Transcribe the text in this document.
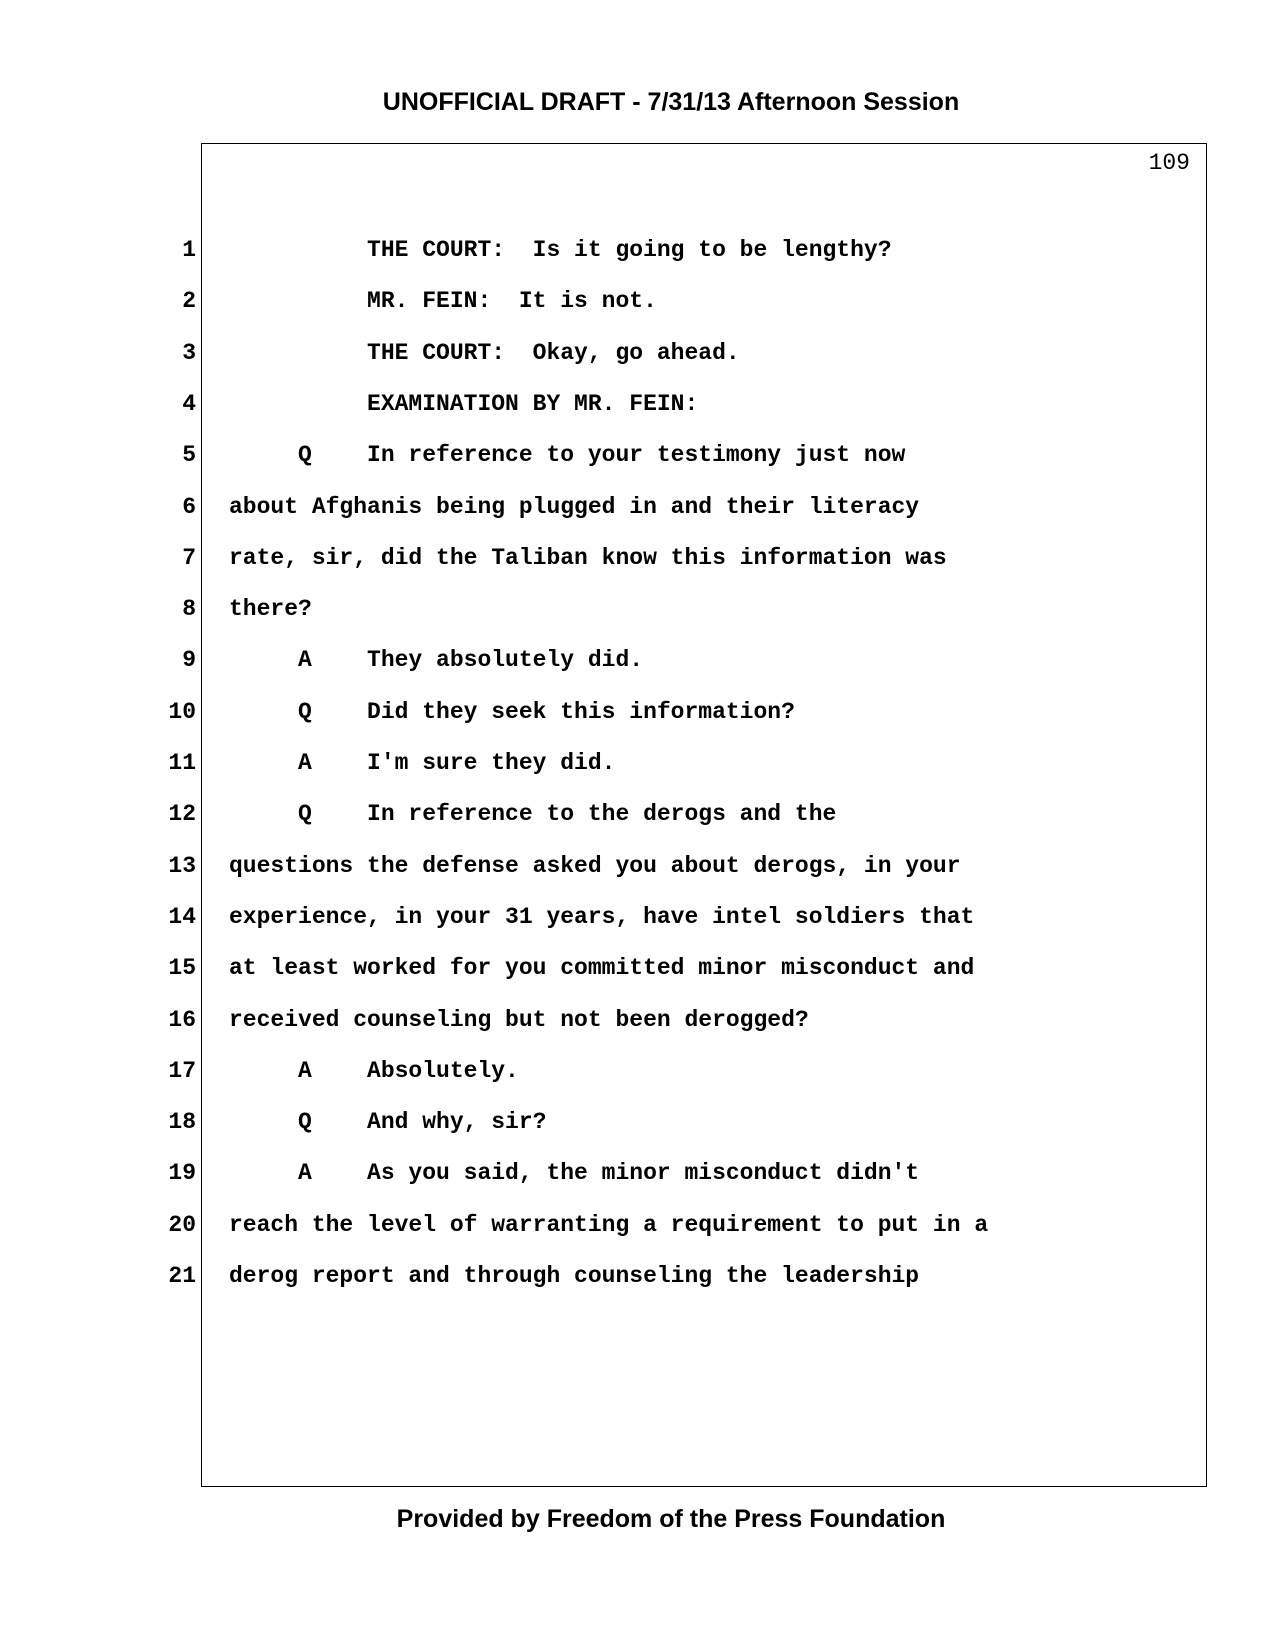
UNOFFICIAL DRAFT - 7/31/13 Afternoon Session
109
1 THE COURT:  Is it going to be lengthy?
2 MR. FEIN:  It is not.
3 THE COURT:  Okay, go ahead.
4 EXAMINATION BY MR. FEIN:
5 Q    In reference to your testimony just now
6 about Afghanis being plugged in and their literacy
7 rate, sir, did the Taliban know this information was
8 there?
9 A    They absolutely did.
10 Q    Did they seek this information?
11 A    I'm sure they did.
12 Q    In reference to the derogs and the
13 questions the defense asked you about derogs, in your
14 experience, in your 31 years, have intel soldiers that
15 at least worked for you committed minor misconduct and
16 received counseling but not been derogged?
17 A    Absolutely.
18 Q    And why, sir?
19 A    As you said, the minor misconduct didn't
20 reach the level of warranting a requirement to put in a
21 derog report and through counseling the leadership
Provided by Freedom of the Press Foundation
